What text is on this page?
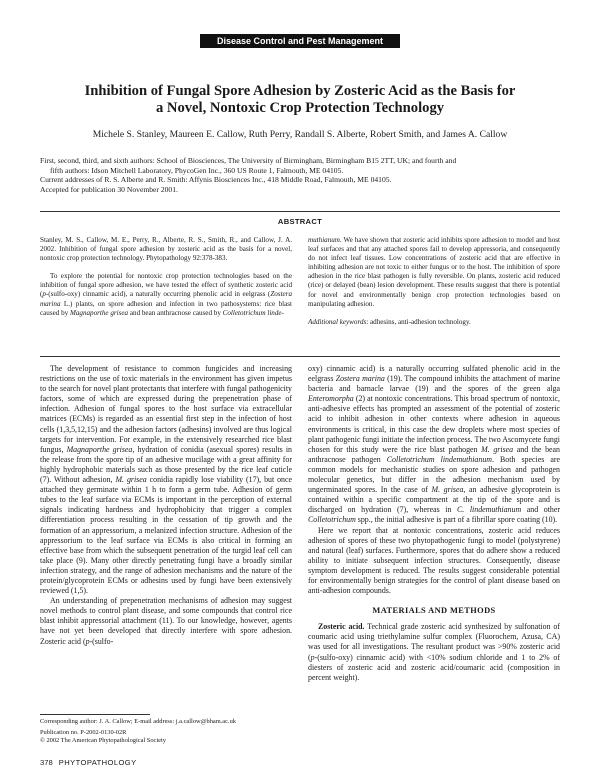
Disease Control and Pest Management
Inhibition of Fungal Spore Adhesion by Zosteric Acid as the Basis for
a Novel, Nontoxic Crop Protection Technology
Michele S. Stanley, Maureen E. Callow, Ruth Perry, Randall S. Alberte, Robert Smith, and James A. Callow

First, second, third, and sixth authors: School of Biosciences, The University of Birmingham, Birmingham B15 2TT, UK; and fourth and

fifth authors: Idson Mitchell Laboratory, PhycoGen Inc., 360 US Route 1, Falmouth, ME 04105.

Current addresses of R. S. Alberte and R. Smith: Affynis Biosciences Inc., 418 Middle Road, Falmouth, ME 04105.

Accepted for publication 30 November 2001.

ABSTRACT

Stanley, M. S., Callow, M. E., Perry, R., Alberte, R. S., Smith, R., and Callow, J. A. 2002. Inhibition of fungal spore adhesion by zosteric acid as the basis for a novel, nontoxic crop protection technology. Phytopathology 92:378-383.

To explore the potential for nontoxic crop protection technologies based on the inhibition of fungal spore adhesion, we have tested the effect of synthetic zosteric acid (p-(sulfo-oxy) cinnamic acid), a naturally occurring phenolic acid in eelgrass (Zostera marina L.) plants, on spore adhesion and infection in two pathosystems: rice blast caused by Magnaporthe grisea and bean anthracnose caused by Colletotrichum linde-

muthianum. We have shown that zosteric acid inhibits spore adhesion to model and host leaf surfaces and that any attached spores fail to develop appressoria, and consequently do not infect leaf tissues. Low concentrations of zosteric acid that are effective in inhibiting adhesion are not toxic to either fungus or to the host. The inhibition of spore adhesion in the rice blast pathogen is fully reversible. On plants, zosteric acid reduced (rice) or delayed (bean) lesion development. These results suggest that there is potential for novel and environmentally benign crop protection technologies based on manipulating adhesion.

Additional keywords: adhesins, anti-adhesion technology.

The development of resistance to common fungicides and increasing restrictions on the use of toxic materials in the environment has given impetus to the search for novel plant protectants that interfere with fungal pathogenicity factors, some of which are expressed during the prepenetration phase of infection. Adhesion of fungal spores to the host surface via extracellular matrices (ECMs) is regarded as an essential first step in the infection of host cells (1,3,5,12,15) and the adhesion factors (adhesins) involved are thus logical targets for intervention. For example, in the extensively researched rice blast fungus, Magnaporthe grisea, hydration of conidia (asexual spores) results in the release from the spore tip of an adhesive mucilage with a great affinity for highly hydrophobic materials such as those presented by the rice leaf cuticle (7). Without adhesion, M. grisea conidia rapidly lose viability (17), but once attached they germinate within 1 h to form a germ tube. Adhesion of germ tubes to the leaf surface via ECMs is important in the perception of external signals indicating hardness and hydrophobicity that trigger a complex differentiation process resulting in the cessation of tip growth and the formation of an appressorium, a melanized infection structure. Adhesion of the appressorium to the leaf surface via ECMs is also critical in forming an effective base from which the subsequent penetration of the turgid leaf cell can take place (9). Many other directly penetrating fungi have a broadly similar infection strategy, and the range of adhesion mechanisms and the nature of the protein/glycoprotein ECMs or adhesins used by fungi have been extensively reviewed (1,5).

An understanding of prepenetration mechanisms of adhesion may suggest novel methods to control plant disease, and some compounds that control rice blast inhibit appressorial attachment (11). To our knowledge, however, agents have not yet been developed that directly interfere with spore adhesion. Zosteric acid (p-(sulfo-

Corresponding author: J. A. Callow; E-mail address: j.a.callow@bham.ac.uk
Publication no. P-2002-0130-02R
© 2002 The American Phytopathological Society

oxy) cinnamic acid) is a naturally occurring sulfated phenolic acid in the eelgrass Zostera marina (19). The compound inhibits the attachment of marine bacteria and barnacle larvae (19) and the spores of the green alga Enteromorpha (2) at nontoxic concentrations. This broad spectrum of nontoxic, anti-adhesive effects has prompted an assessment of the potential of zosteric acid to inhibit adhesion in other contexts where adhesion in aqueous environments is critical, in this case the dew droplets where most species of plant pathogenic fungi initiate the infection process. The two Ascomycete fungi chosen for this study were the rice blast pathogen M. grisea and the bean anthracnose pathogen Colletotrichum lindemuthianum. Both species are common models for mechanistic studies on spore adhesion and pathogen molecular genetics, but differ in the adhesion mechanism used by ungerminated spores. In the case of M. grisea, an adhesive glycoprotein is contained within a specific compartment at the tip of the spore and is discharged on hydration (7), whereas in C. lindemuthianum and other Colletotrichum spp., the initial adhesive is part of a fibrillar spore coating (10).

Here we report that at nontoxic concentrations, zosteric acid reduces adhesion of spores of these two phytopathogenic fungi to model (polystyrene) and natural (leaf) surfaces. Furthermore, spores that do adhere show a reduced ability to initiate subsequent infection structures. Consequently, disease symptom development is reduced. The results suggest considerable potential for environmentally benign strategies for the control of plant disease based on anti-adhesion compounds.

MATERIALS AND METHODS

Zosteric acid. Technical grade zosteric acid synthesized by sulfonation of coumaric acid using triethylamine sulfur complex (Fluorochem, Azusa, CA) was used for all investigations. The resultant product was >90% zosteric acid (p-(sulfo-oxy) cinnamic acid) with <10% sodium chloride and 1 to 2% of diesters of zosteric acid and zosteric acid/coumaric acid (composition in percent weight).

378 PHYTOPATHOLOGY
